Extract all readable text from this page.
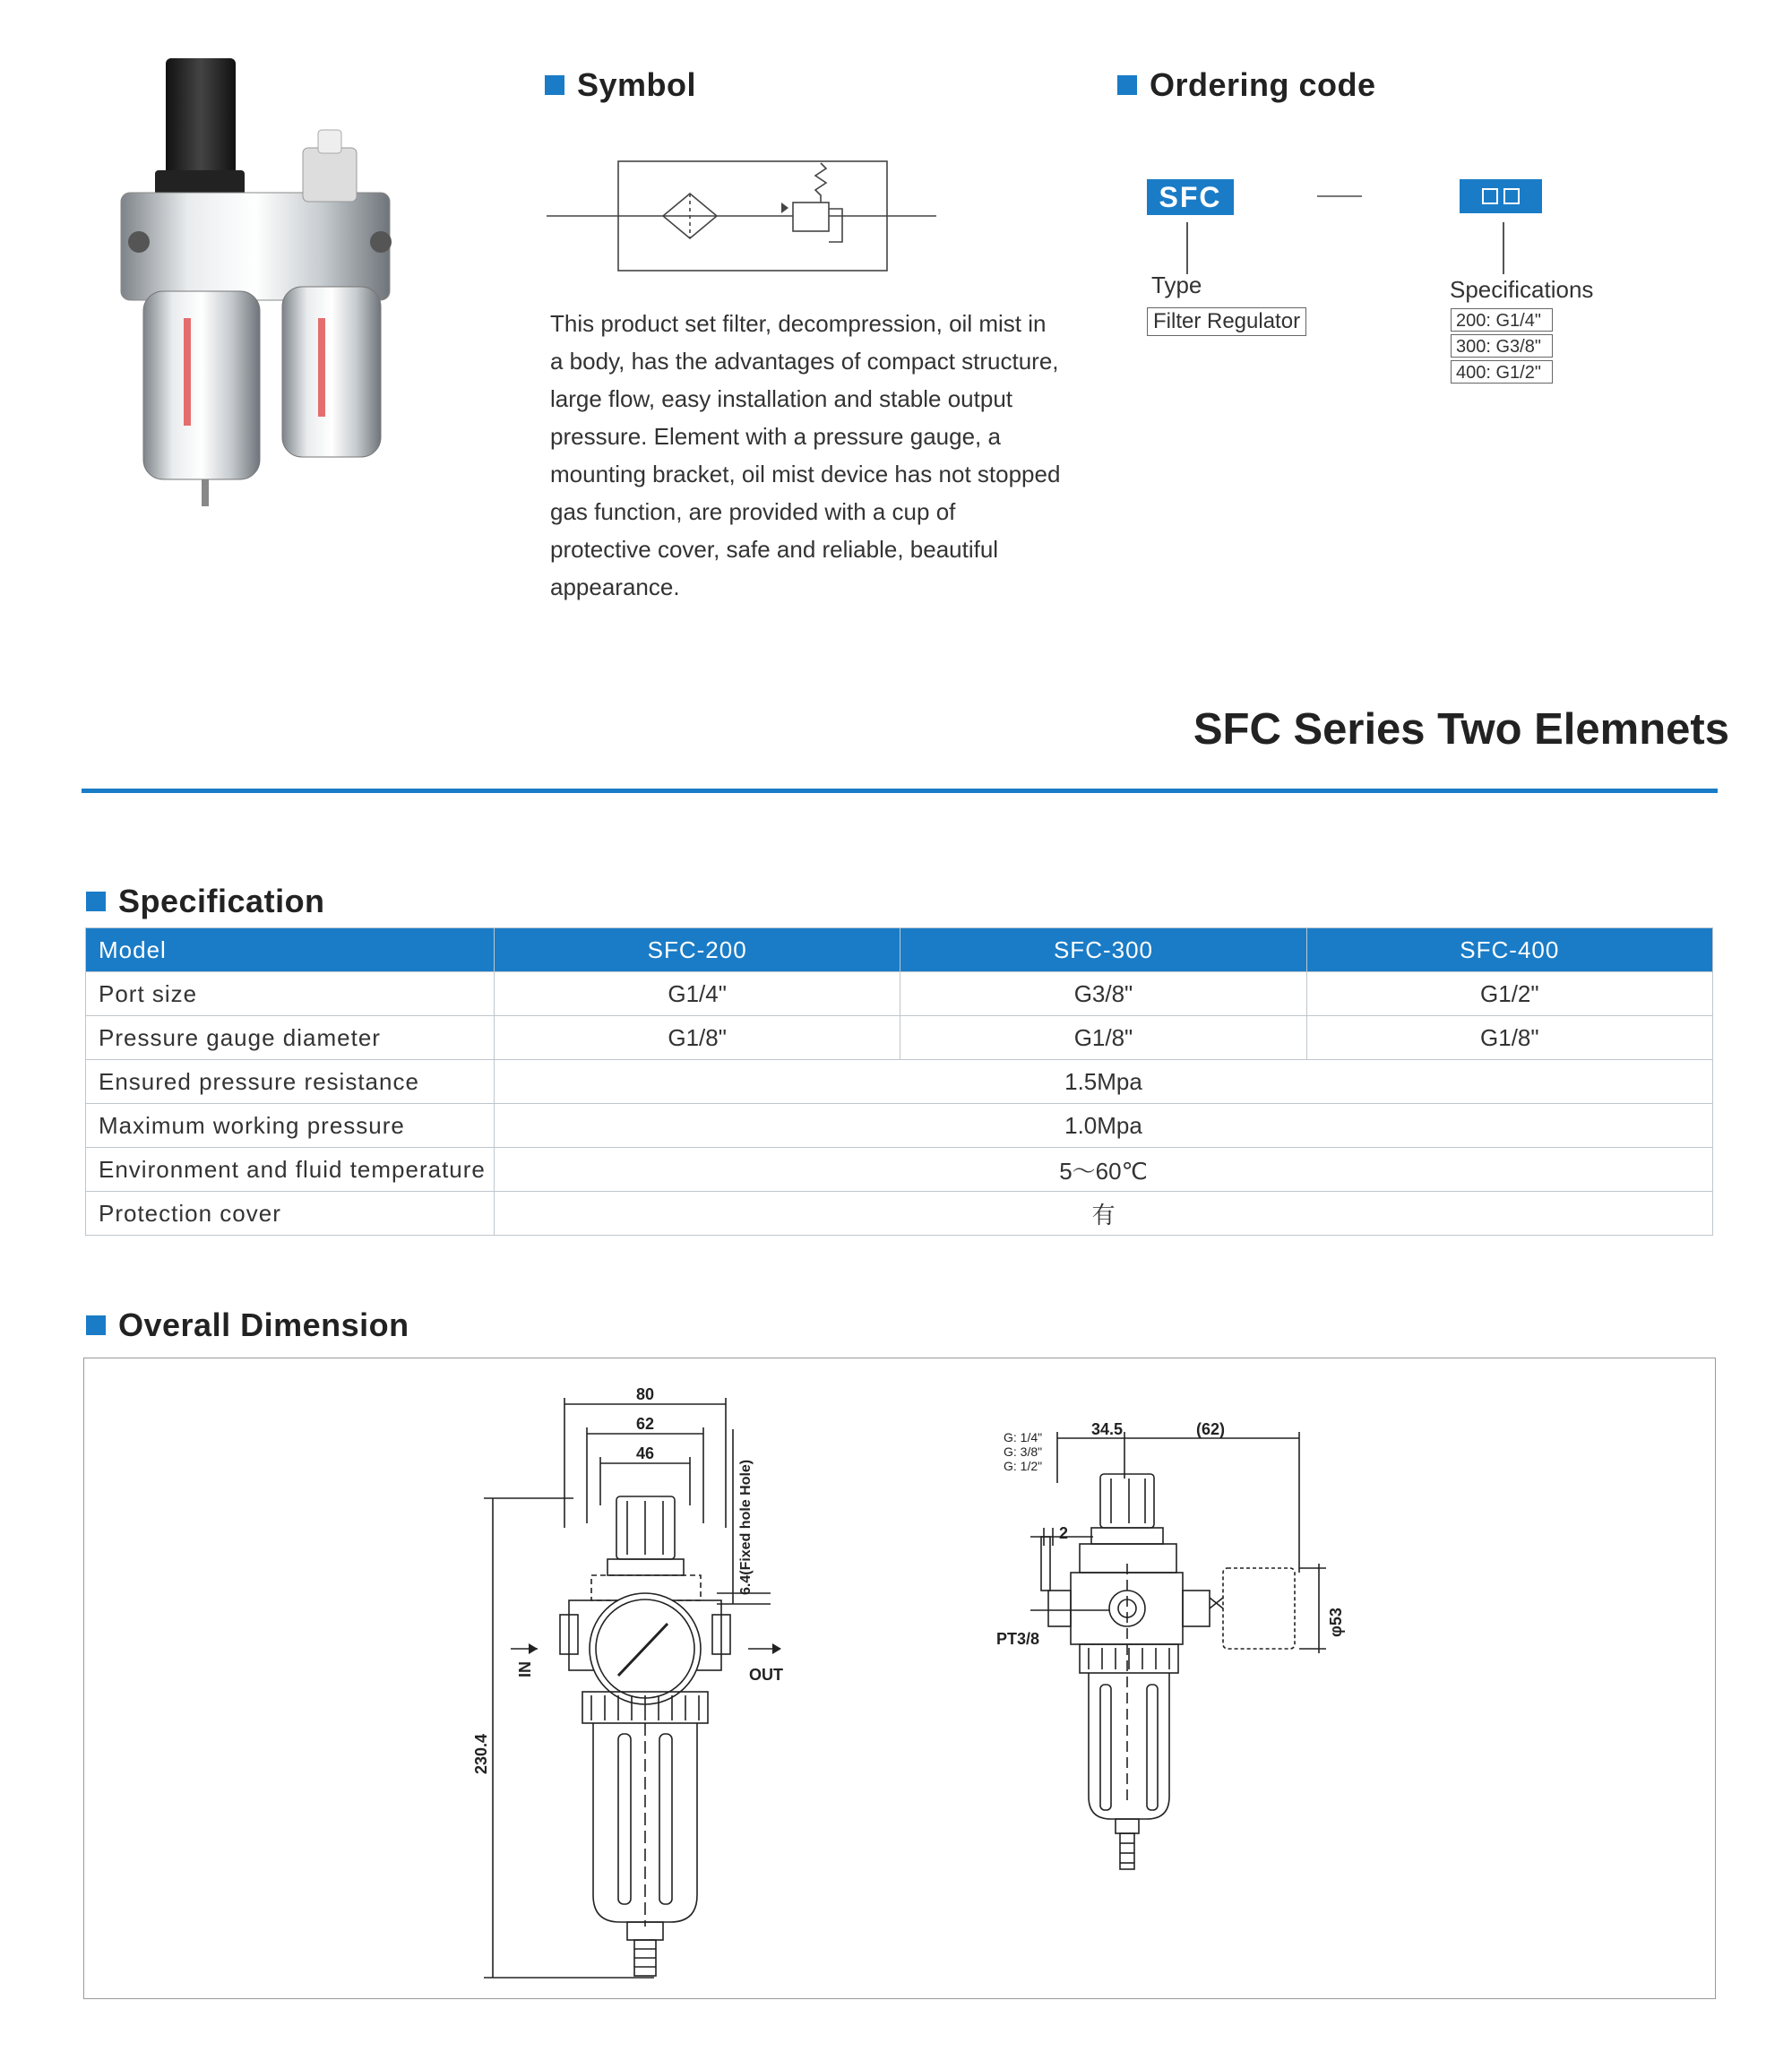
Symbol
This product set filter, decompression, oil mist in a body, has the advantages of compact structure, large flow, easy installation and stable output pressure. Element with a pressure gauge, a mounting bracket, oil mist device has not stopped gas function, are provided with a cup of protective cover, safe and reliable, beautiful appearance.
Ordering code
SFC
Type
Filter Regulator
Specifications
200: G1/4"
300: G3/8"
400: G1/2"
SFC Series Two Elemnets
Specification
Model	SFC-200	SFC-300	SFC-400
Port size	G1/4"	G3/8"	G1/2"
Pressure gauge diameter	G1/8"	G1/8"	G1/8"
Ensured pressure resistance	1.5Mpa		
Maximum working pressure	1.0Mpa		
Environment and fluid temperature	5～60℃		
Protection cover	有		
Overall Dimension
80
62
46
6.4(Fixed hole Hole)
230.4
IN	OUT
G: 1/4"
G: 3/8"
G: 1/2"
34.5	(62)
2
PT3/8
φ53
